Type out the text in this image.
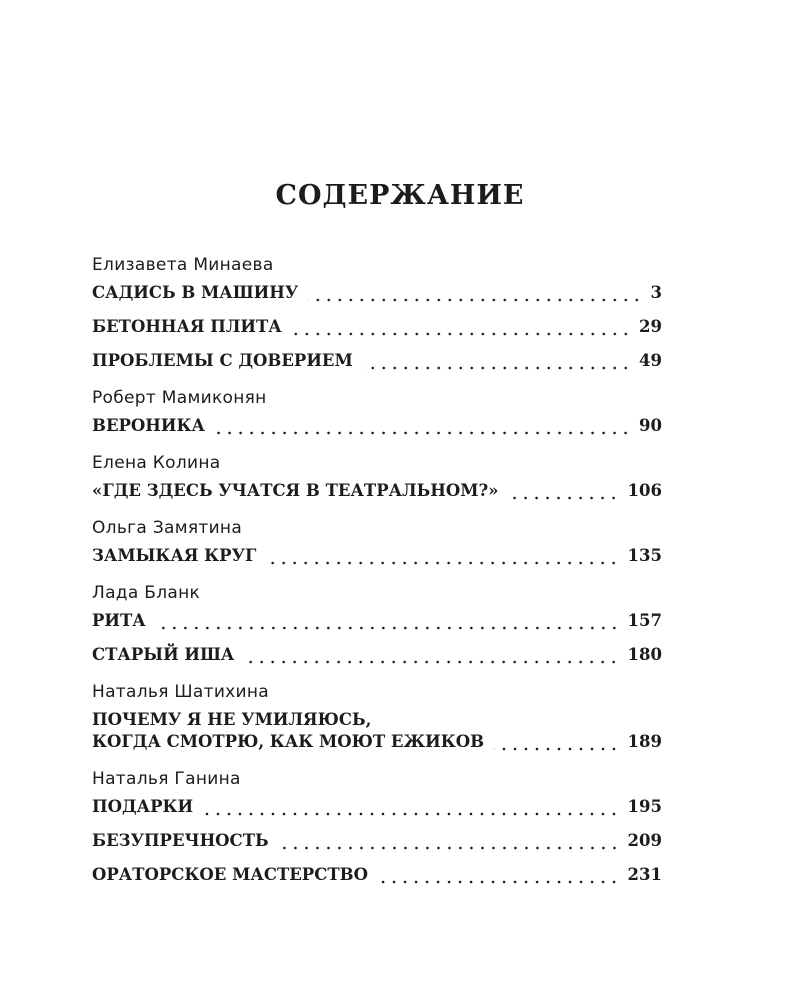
СОДЕРЖАНИЕ
Елизавета Минаева
САДИСЬ В МАШИНУ	3
БЕТОННАЯ ПЛИТА	29
ПРОБЛЕМЫ С ДОВЕРИЕМ	49
Роберт Мамиконян
ВЕРОНИКА	90
Елена Колина
«ГДЕ ЗДЕСЬ УЧАТСЯ В ТЕАТРАЛЬНОМ?»	106
Ольга Замятина
ЗАМЫКАЯ КРУГ	135
Лада Бланк
РИТА	157
СТАРЫЙ ИША	180
Наталья Шатихина
ПОЧЕМУ Я НЕ УМИЛЯЮСЬ,
КОГДА СМОТРЮ, КАК МОЮТ ЕЖИКОВ	189
Наталья Ганина
ПОДАРКИ	195
БЕЗУПРЕЧНОСТЬ	209
ОРАТОРСКОЕ МАСТЕРСТВО	231
